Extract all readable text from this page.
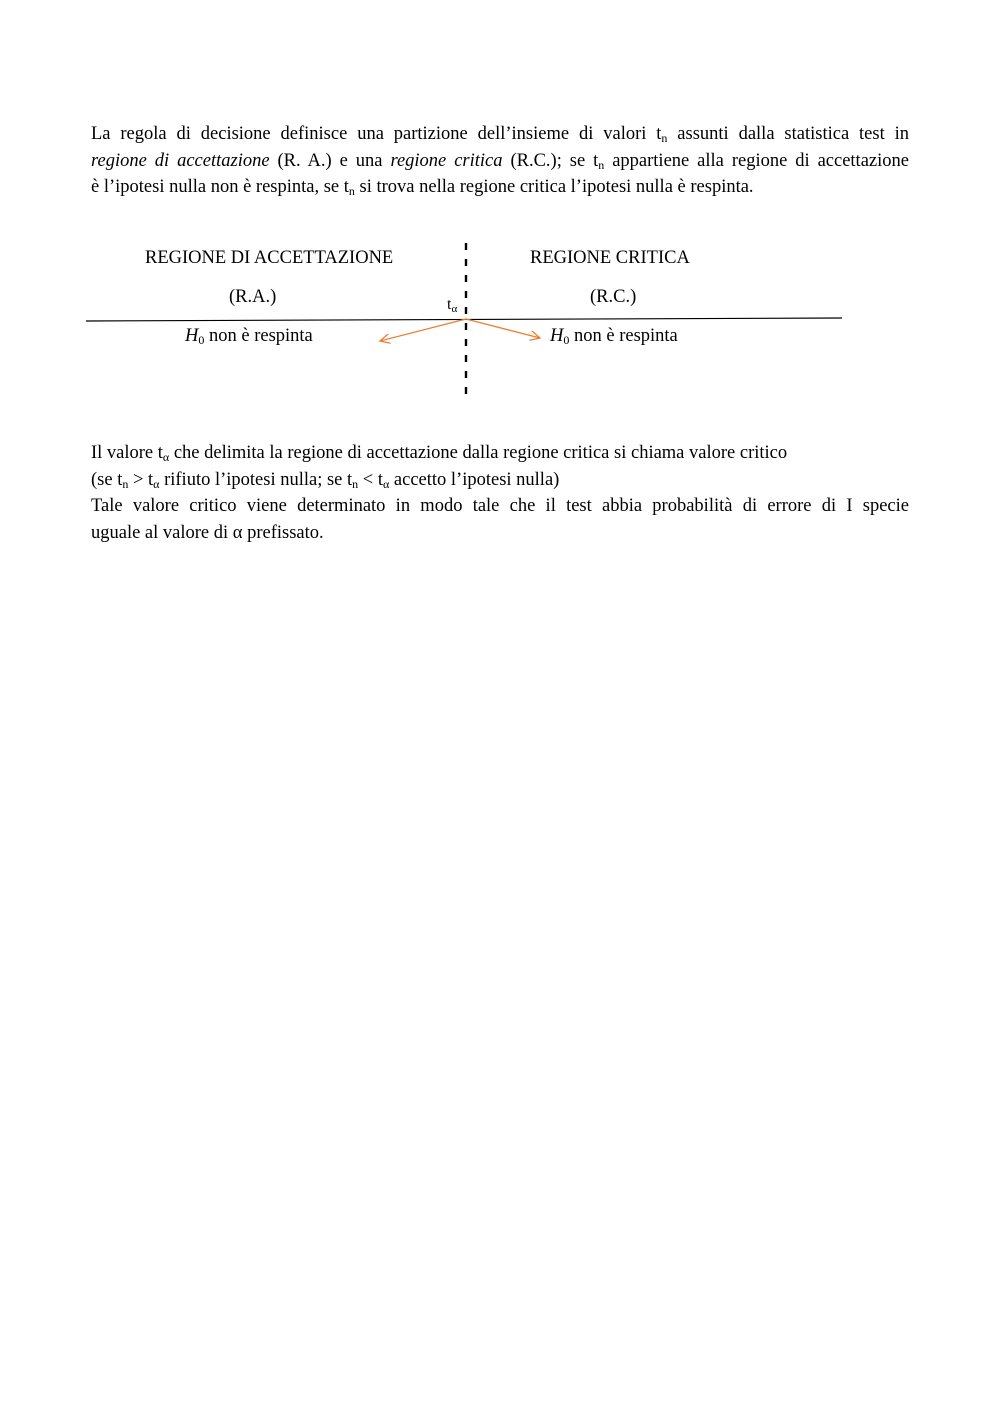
La regola di decisione definisce una partizione dell’insieme di valori $t_n$ assunti dalla statistica test in
regione di accettazione (R. A.) e una regione critica (R.C.); se $t_n$ appartiene alla regione di accettazione
è l’ipotesi nulla non è respinta, se $t_n$ si trova nella regione critica l’ipotesi nulla è respinta.

REGIONE DI ACCETTAZIONE
(R.A.)
$H_0$ non è respinta
REGIONE CRITICA
(R.C.)
$H_0$ non è respinta
$t_\alpha$

Il valore $t_\alpha$ che delimita la regione di accettazione dalla regione critica si chiama valore critico
(se $t_n > t_\alpha$ rifiuto l’ipotesi nulla; se $t_n < t_\alpha$ accetto l’ipotesi nulla)
Tale valore critico viene determinato in modo tale che il test abbia probabilità di errore di I specie
uguale al valore di α prefissato.
